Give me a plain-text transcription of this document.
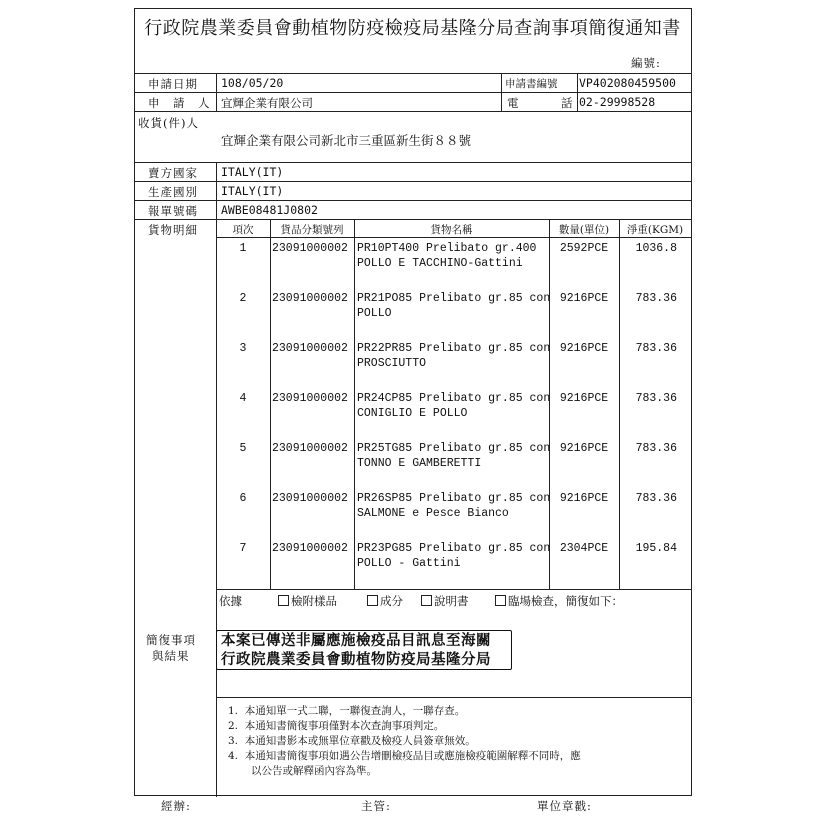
行政院農業委員會動植物防疫檢疫局基隆分局查詢事項簡復通知書
編號:
申請日期 108/05/20	申請書編號 VP402080459500
申　請　人 宜輝企業有限公司	電	話 02-29998528
收貨(件)人
宜輝企業有限公司新北市三重區新生街８８號
賣方國家 ITALY(IT)
生產國別 ITALY(IT)
報單號碼 AWBE08481J0802
貨物明細	項次	貨品分類號列	貨物名稱	數量(單位)	淨重(KGM)
1	23091000002 PR10PT400 Prelibato gr.400
POLLO E TACCHINO-Gattini
2592PCE	1036.8
2	23091000002 PR21PO85 Prelibato gr.85 con
POLLO
9216PCE	783.36
3	23091000002 PR22PR85 Prelibato gr.85 con
PROSCIUTTO
9216PCE	783.36
4	23091000002 PR24CP85 Prelibato gr.85 con
CONIGLIO E POLLO
9216PCE	783.36
5	23091000002 PR25TG85 Prelibato gr.85 con
TONNO E GAMBERETTI
9216PCE	783.36
6	23091000002 PR26SP85 Prelibato gr.85 con
SALMONE e Pesce Bianco
9216PCE	783.36
7	23091000002 PR23PG85 Prelibato gr.85 con
POLLO - Gattini
2304PCE	195.84
依據	檢附樣品	成分	說明書	臨場檢查，簡復如下：
簡復事項
與結果
本案已傳送非屬應施檢疫品目訊息至海關
行政院農業委員會動植物防疫局基隆分局
1. 本通知單一式二聯，一聯復查詢人，一聯存查。
2. 本通知書簡復事項僅對本次查詢事項判定。
3. 本通知書影本或無單位章戳及檢疫人員簽章無效。
4. 本通知書簡復事項如遇公告增刪檢疫品目或應施檢疫範圍解釋不同時，應
以公告或解釋函內容為準。
經辦:	主管:	單位章戳:
